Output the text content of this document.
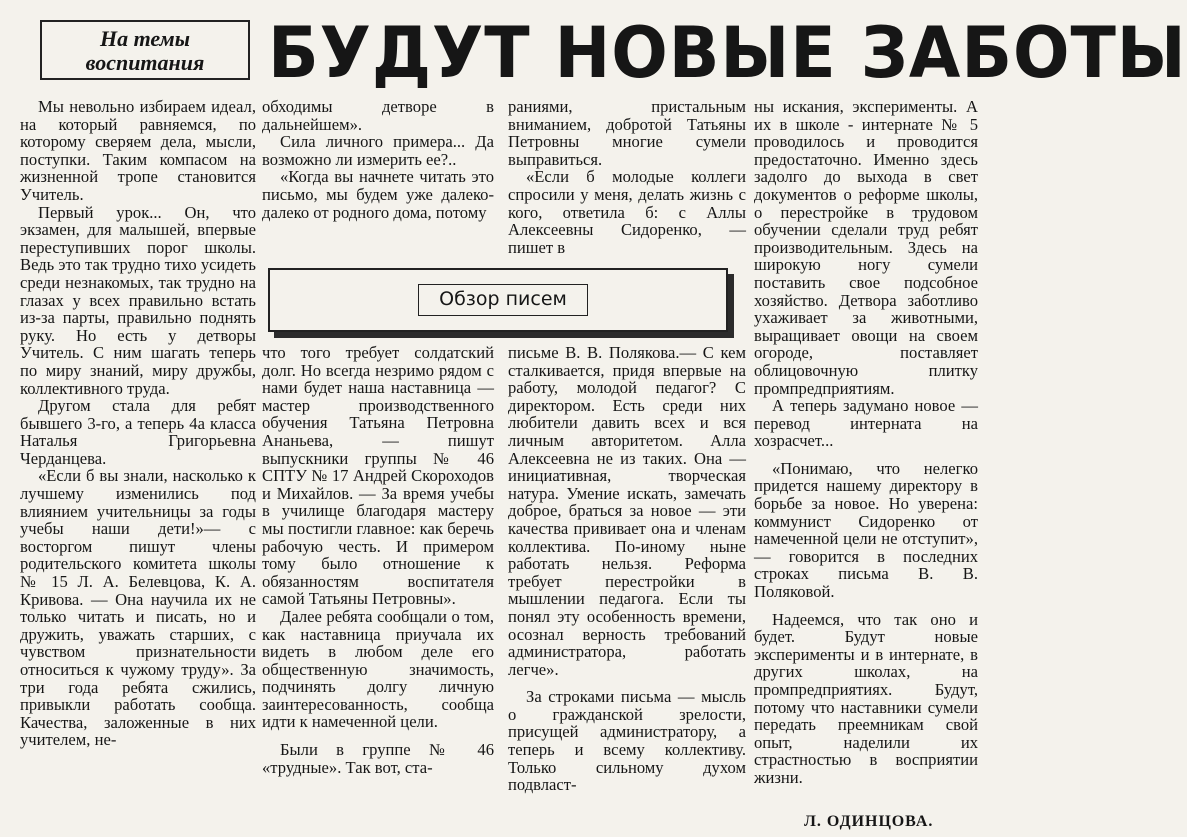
На темы
воспитания БУДУТ НОВЫЕ ЗАБОТЫ

Мы невольно избираем идеал, на который равняемся, по которому сверяем дела, мысли, поступки. Таким компасом на жизненной тропе становится Учитель.

Первый урок... Он, что экзамен, для малышей, впервые переступивших порог школы. Ведь это так трудно тихо усидеть среди незнакомых, так трудно на глазах у всех правильно встать из-за парты, правильно поднять руку. Но есть у детворы Учитель. С ним шагать теперь по миру знаний, миру дружбы, коллективного труда.

Другом стала для ребят бывшего 3-го, а теперь 4а класса Наталья Григорьевна Черданцева.

«Если б вы знали, насколько к лучшему изменились под влиянием учительницы за годы учебы наши дети!»— с восторгом пишут члены родительского комитета школы № 15 Л. А. Белевцова, К. А. Кривова. — Она научила их не только читать и писать, но и дружить, уважать старших, с чувством признательности относиться к чужому труду». За три года ребята сжились, привыкли работать сообща. Качества, заложенные в них учителем, не-

обходимы детворе в дальнейшем».

Сила личного примера... Да возможно ли измерить ее?..

«Когда вы начнете читать это письмо, мы будем уже далеко-далеко от родного дома, потому

раниями, пристальным вниманием, добротой Татьяны Петровны многие сумели выправиться.

«Если б молодые коллеги спросили у меня, делать жизнь с кого, ответила б: с Аллы Алексеевны Сидоренко, — пишет в

Обзор писем

что того требует солдатский долг. Но всегда незримо рядом с нами будет наша наставница — мастер производственного обучения Татьяна Петровна Ананьева, — пишут выпускники группы № 46 СПТУ № 17 Андрей Скороходов и Михайлов. — За время учебы в училище благодаря мастеру мы постигли главное: как беречь рабочую честь. И примером тому было отношение к обязанностям воспитателя самой Татьяны Петровны».

Далее ребята сообщали о том, как наставница приучала их видеть в любом деле его общественную значимость, подчинять долгу личную заинтересованность, сообща идти к намеченной цели.

Были в группе № 46 «трудные». Так вот, ста-

письме В. В. Полякова.— С кем сталкивается, придя впервые на работу, молодой педагог? С директором. Есть среди них любители давить всех и вся личным авторитетом. Алла Алексеевна не из таких. Она — инициативная, творческая натура. Умение искать, замечать доброе, браться за новое — эти качества прививает она и членам коллектива. По-иному ныне работать нельзя. Реформа требует перестройки в мышлении педагога. Если ты понял эту особенность времени, осознал верность требований администратора, работать легче».

За строками письма — мысль о гражданской зрелости, присущей администратору, а теперь и всему коллективу. Только сильному духом подвласт-

ны искания, эксперименты. А их в школе - интернате № 5 проводилось и проводится предостаточно. Именно здесь задолго до выхода в свет документов о реформе школы, о перестройке в трудовом обучении сделали труд ребят производительным. Здесь на широкую ногу сумели поставить свое подсобное хозяйство. Детвора заботливо ухаживает за животными, выращивает овощи на своем огороде, поставляет облицовочную плитку промпредприятиям.

А теперь задумано новое — перевод интерната на хозрасчет...

«Понимаю, что нелегко придется нашему директору в борьбе за новое. Но уверена: коммунист Сидоренко от намеченной цели не отступит», — говорится в последних строках письма В. В. Поляковой.

Надеемся, что так оно и будет. Будут новые эксперименты и в интернате, в других школах, на промпредприятиях. Будут, потому что наставники сумели передать преемникам свой опыт, наделили их страстностью в восприятии жизни.

Л. ОДИНЦОВА.
